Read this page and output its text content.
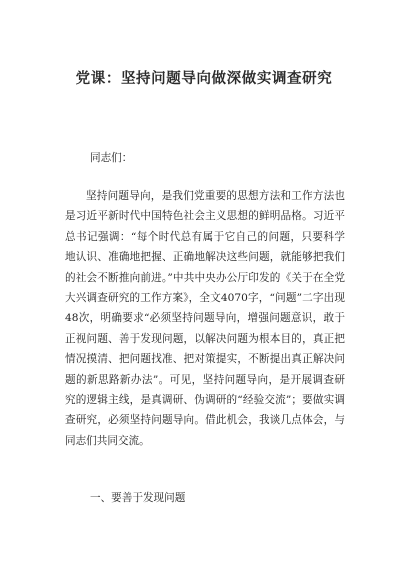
党课：坚持问题导向做深做实调查研究
同志们：

坚持问题导向，是我们党重要的思想方法和工作方法也是习近平新时代中国特色社会主义思想的鲜明品格。习近平总书记强调：“每个时代总有属于它自己的问题，只要科学地认识、准确地把握、正确地解决这些问题，就能够把我们的社会不断推向前进。”中共中央办公厅印发的《关于在全党大兴调查研究的工作方案》，全文4070字，“问题”二字出现48次，明确要求“必须坚持问题导向，增强问题意识，敢于正视问题、善于发现问题，以解决问题为根本目的，真正把情况摸清、把问题找准、把对策提实，不断提出真正解决问题的新思路新办法”。可见，坚持问题导向，是开展调查研究的逻辑主线，是真调研、伪调研的“经验交流”；要做实调查研究，必须坚持问题导向。借此机会，我谈几点体会，与同志们共同交流。

一、要善于发现问题
